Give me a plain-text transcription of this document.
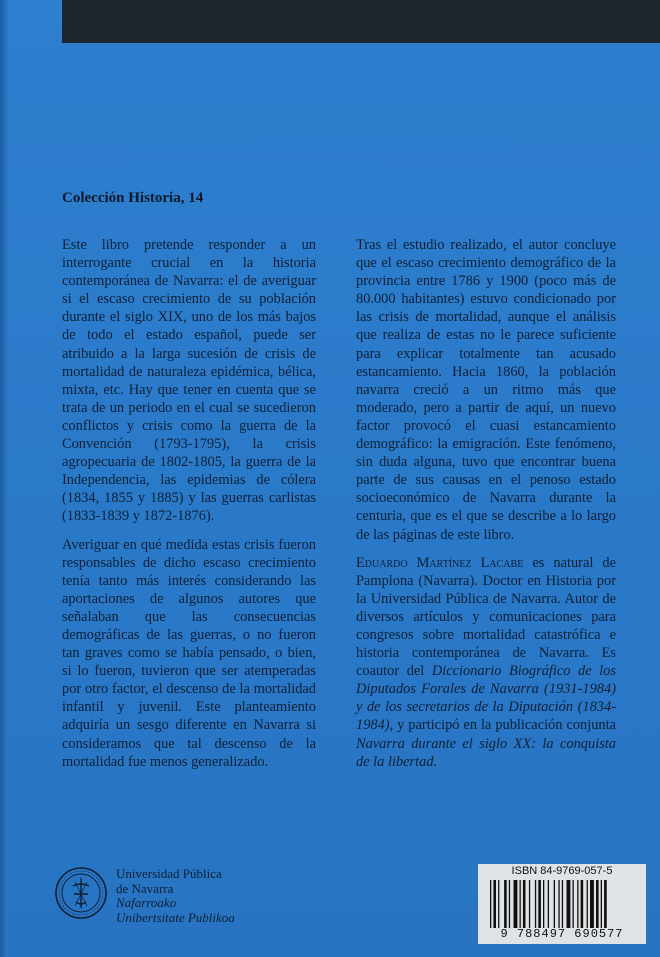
Colección Historia, 14

Este libro pretende responder a un interrogante crucial en la historia contemporánea de Navarra: el de averiguar si el escaso crecimiento de su población durante el siglo XIX, uno de los más bajos de todo el estado español, puede ser atribuido a la larga sucesión de crisis de mortalidad de naturaleza epidémica, bélica, mixta, etc. Hay que tener en cuenta que se trata de un periodo en el cual se sucedieron conflictos y crisis como la guerra de la Convención (1793-1795), la crisis agropecuaria de 1802-1805, la guerra de la Independencia, las epidemias de cólera (1834, 1855 y 1885) y las guerras carlistas (1833-1839 y 1872-1876).

Averiguar en qué medida estas crisis fueron responsables de dicho escaso crecimiento tenía tanto más interés considerando las aportaciones de algunos autores que señalaban que las consecuencias demográficas de las guerras, o no fueron tan graves como se había pensado, o bien, si lo fueron, tuvieron que ser atemperadas por otro factor, el descenso de la mortalidad infantil y juvenil. Este planteamiento adquiría un sesgo diferente en Navarra si consideramos que tal descenso de la mortalidad fue menos generalizado.

Tras el estudio realizado, el autor concluye que el escaso crecimiento demográfico de la provincia entre 1786 y 1900 (poco más de 80.000 habitantes) estuvo condicionado por las crisis de mortalidad, aunque el análisis que realiza de estas no le parece suficiente para explicar totalmente tan acusado estancamiento. Hacia 1860, la población navarra creció a un ritmo más que moderado, pero a partir de aquí, un nuevo factor provocó el cuasi estancamiento demográfico: la emigración. Este fenómeno, sin duda alguna, tuvo que encontrar buena parte de sus causas en el penoso estado socioeconómico de Navarra durante la centuria, que es el que se describe a lo largo de las páginas de este libro.

Eduardo Martínez Lacabe es natural de Pamplona (Navarra). Doctor en Historia por la Universidad Pública de Navarra. Autor de diversos artículos y comunicaciones para congresos sobre mortalidad catastrófica e historia contemporánea de Navarra. Es coautor del Diccionario Biográfico de los Diputados Forales de Navarra (1931-1984) y de los secretarios de la Diputación (1834-1984), y participó en la publicación conjunta Navarra durante el siglo XX: la conquista de la libertad.

Universidad Pública
de Navarra
Nafarroako
Unibertsitate Publikoa
ISBN 84-9769-057-5
9 788497 690577
